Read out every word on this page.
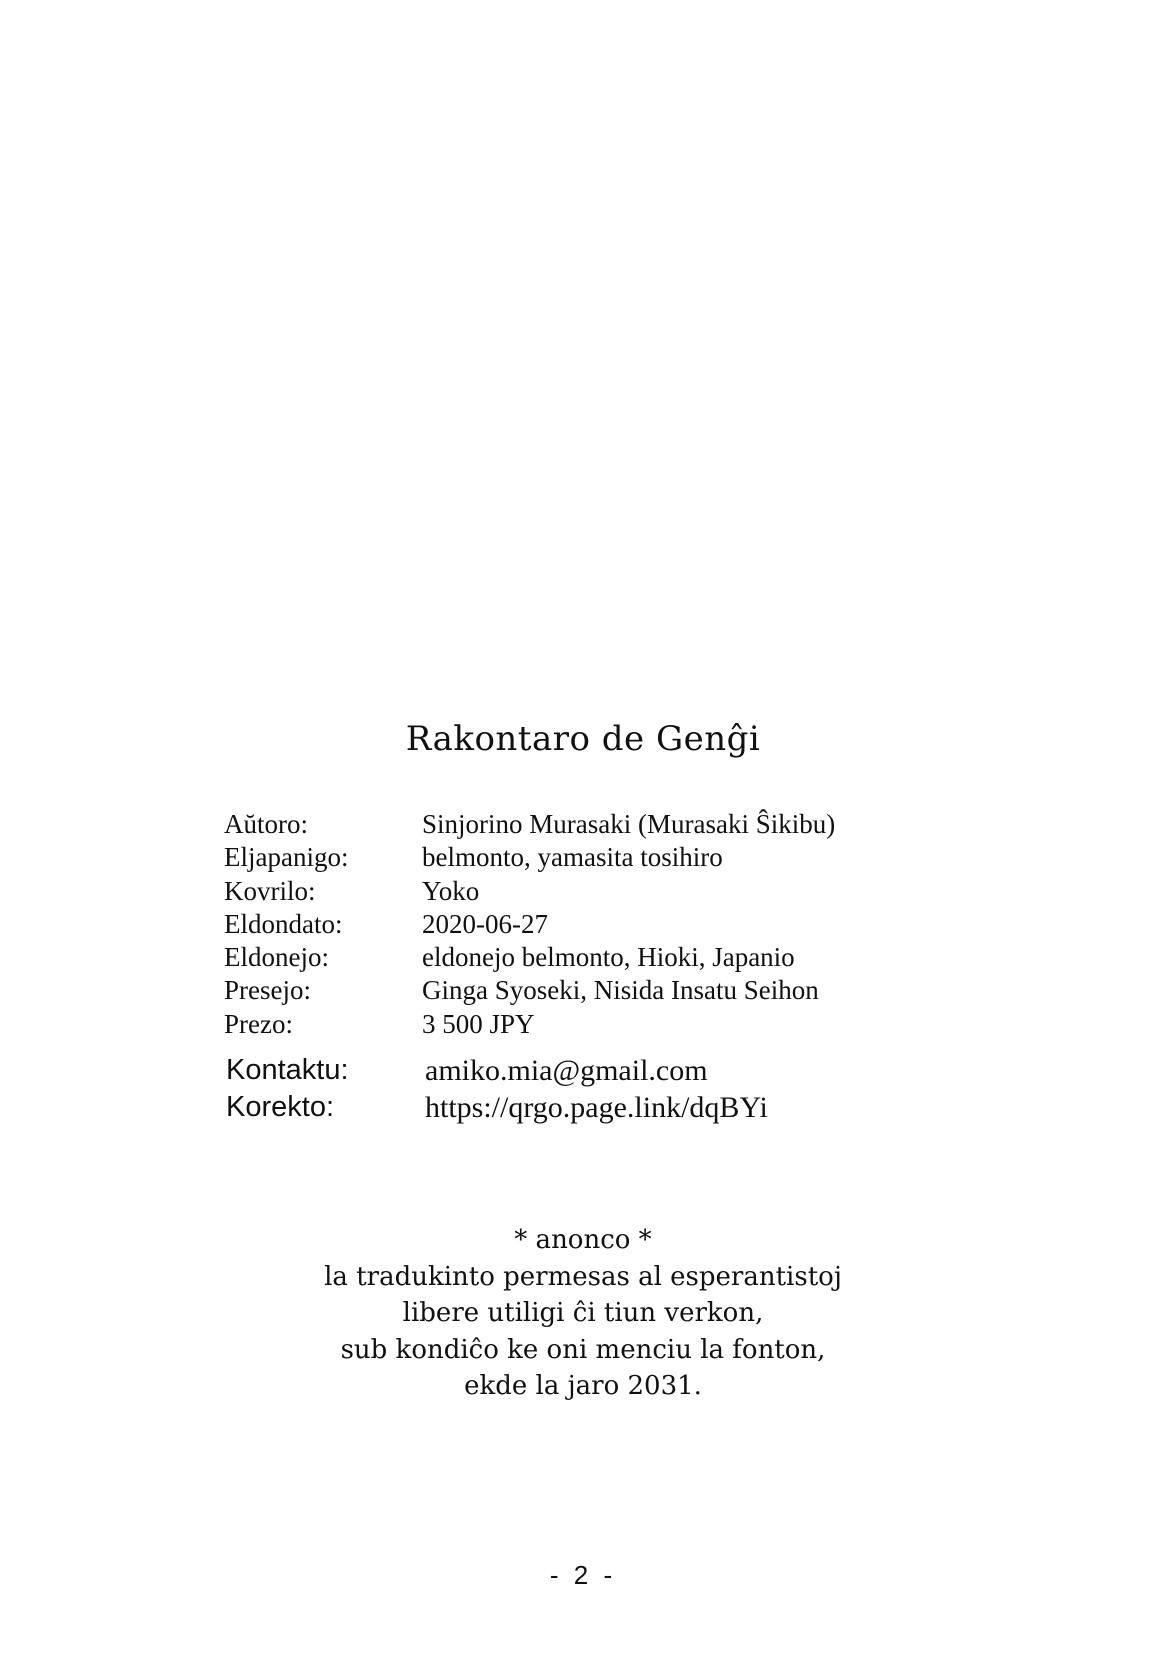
Rakontaro de Genĝi
Aŭtoro:	Sinjorino Murasaki (Murasaki Ŝikibu)
Eljapanigo:	belmonto, yamasita tosihiro
Kovrilo:	Yoko
Eldondato:	2020-06-27
Eldonejo:	eldonejo belmonto, Hioki, Japanio
Presejo:	Ginga Syoseki, Nisida Insatu Seihon
Prezo:	3 500 JPY
Kontaktu:	amiko.mia@gmail.com
Korekto:	https://qrgo.page.link/dqBYi
* anonco *
la tradukinto permesas al esperantistoj
libere utiligi ĉi tiun verkon,
sub kondiĉo ke oni menciu la fonton,
ekde la jaro 2031.
- 2 -
